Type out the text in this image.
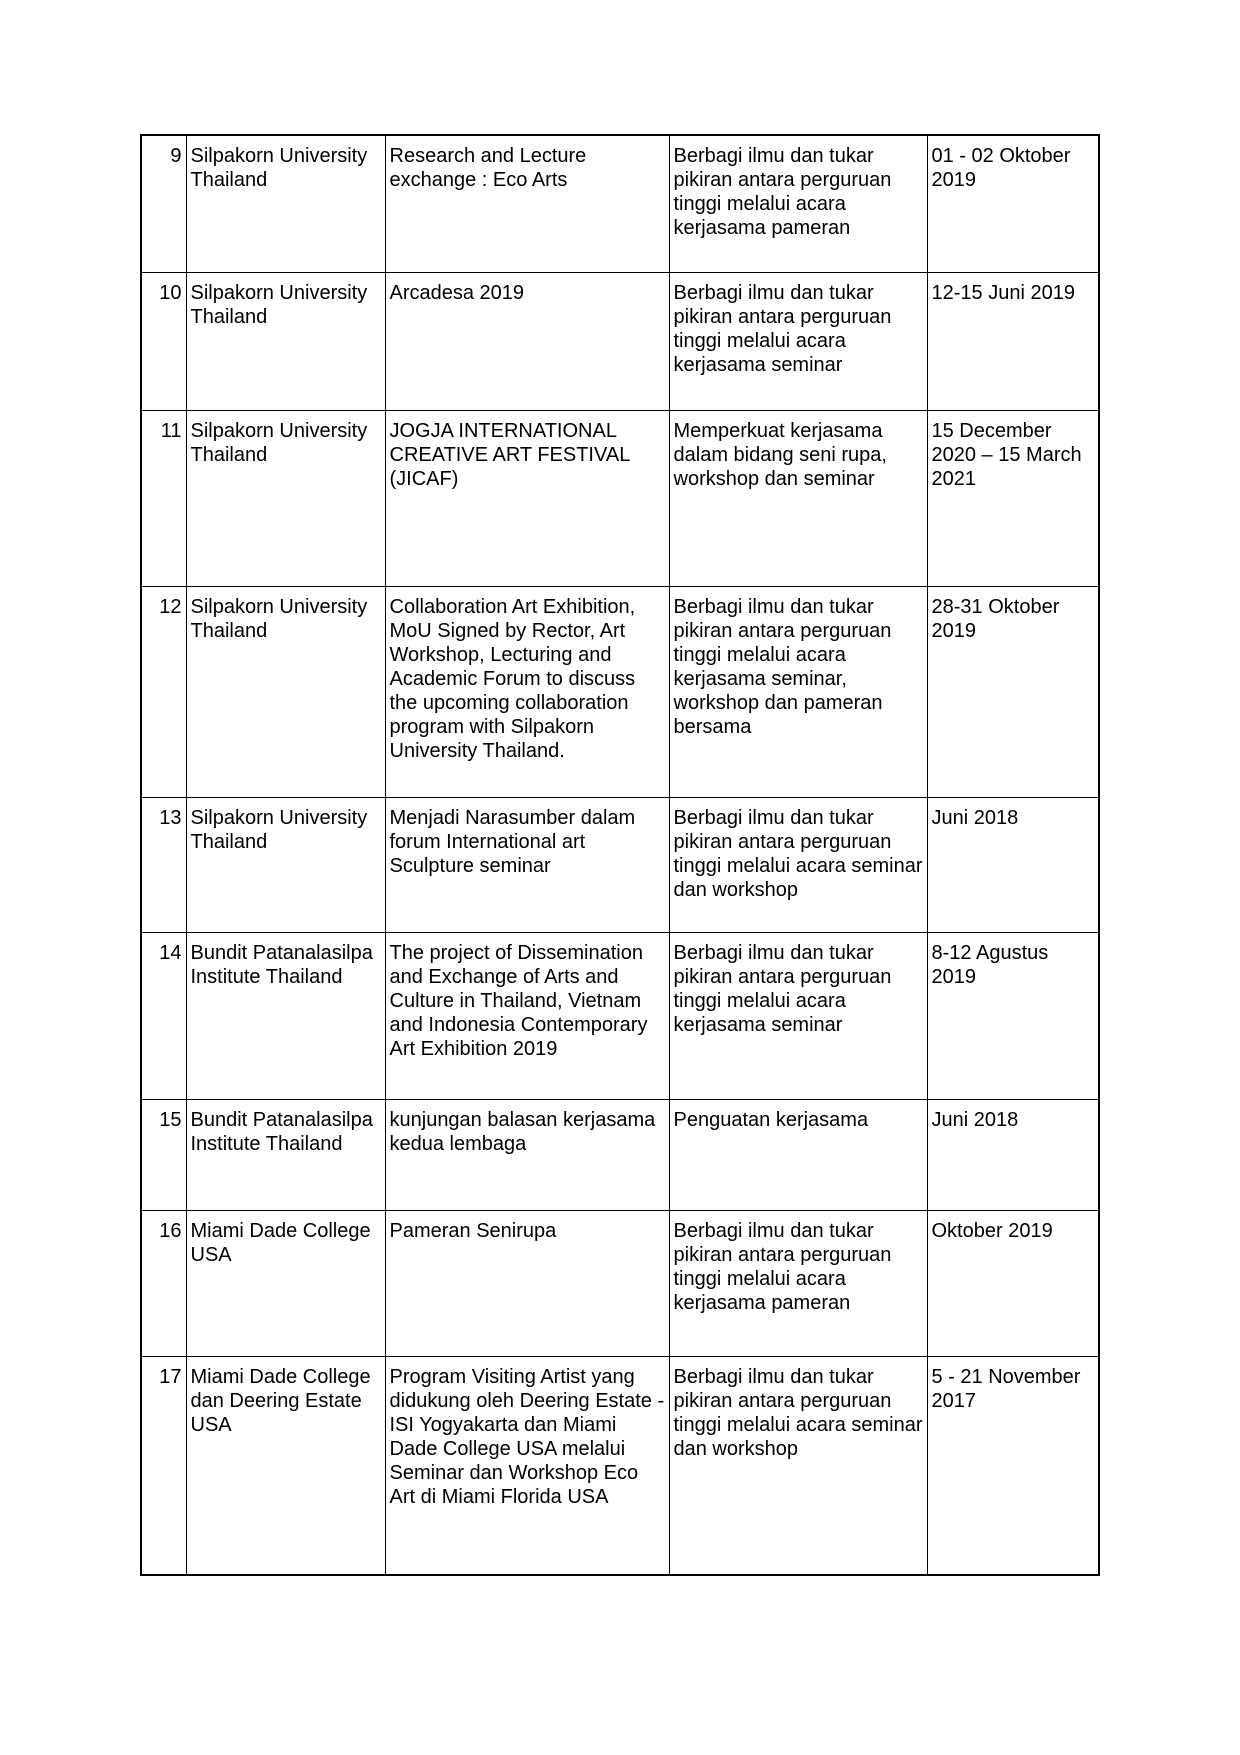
9	Silpakorn University Thailand	Research and Lecture exchange : Eco Arts	Berbagi ilmu dan tukar pikiran antara perguruan tinggi melalui acara kerjasama pameran	01 - 02 Oktober 2019
10	Silpakorn University Thailand	Arcadesa 2019	Berbagi ilmu dan tukar pikiran antara perguruan tinggi melalui acara kerjasama seminar	12-15 Juni 2019
11	Silpakorn University Thailand	JOGJA INTERNATIONAL CREATIVE ART FESTIVAL (JICAF)	Memperkuat kerjasama dalam bidang seni rupa, workshop dan seminar	15 December 2020 – 15 March 2021
12	Silpakorn University Thailand	Collaboration Art Exhibition, MoU Signed by Rector, Art Workshop, Lecturing and Academic Forum to discuss the upcoming collaboration program with Silpakorn University Thailand.	Berbagi ilmu dan tukar pikiran antara perguruan tinggi melalui acara kerjasama seminar, workshop dan pameran bersama	28-31 Oktober 2019
13	Silpakorn University Thailand	Menjadi Narasumber dalam forum International art Sculpture seminar	Berbagi ilmu dan tukar pikiran antara perguruan tinggi melalui acara seminar dan workshop	Juni 2018
14	Bundit Patanalasilpa Institute Thailand	The project of Dissemination and Exchange of Arts and Culture in Thailand, Vietnam and Indonesia Contemporary Art Exhibition 2019	Berbagi ilmu dan tukar pikiran antara perguruan tinggi melalui acara kerjasama seminar	8-12 Agustus 2019
15	Bundit Patanalasilpa Institute Thailand	kunjungan balasan kerjasama kedua lembaga	Penguatan kerjasama	Juni 2018
16	Miami Dade College USA	Pameran Senirupa	Berbagi ilmu dan tukar pikiran antara perguruan tinggi melalui acara kerjasama pameran	Oktober 2019
17	Miami Dade College dan Deering Estate USA	Program Visiting Artist yang didukung oleh Deering Estate - ISI Yogyakarta dan Miami Dade College USA melalui Seminar dan Workshop Eco Art di Miami Florida USA	Berbagi ilmu dan tukar pikiran antara perguruan tinggi melalui acara seminar dan workshop	5 - 21 November 2017
